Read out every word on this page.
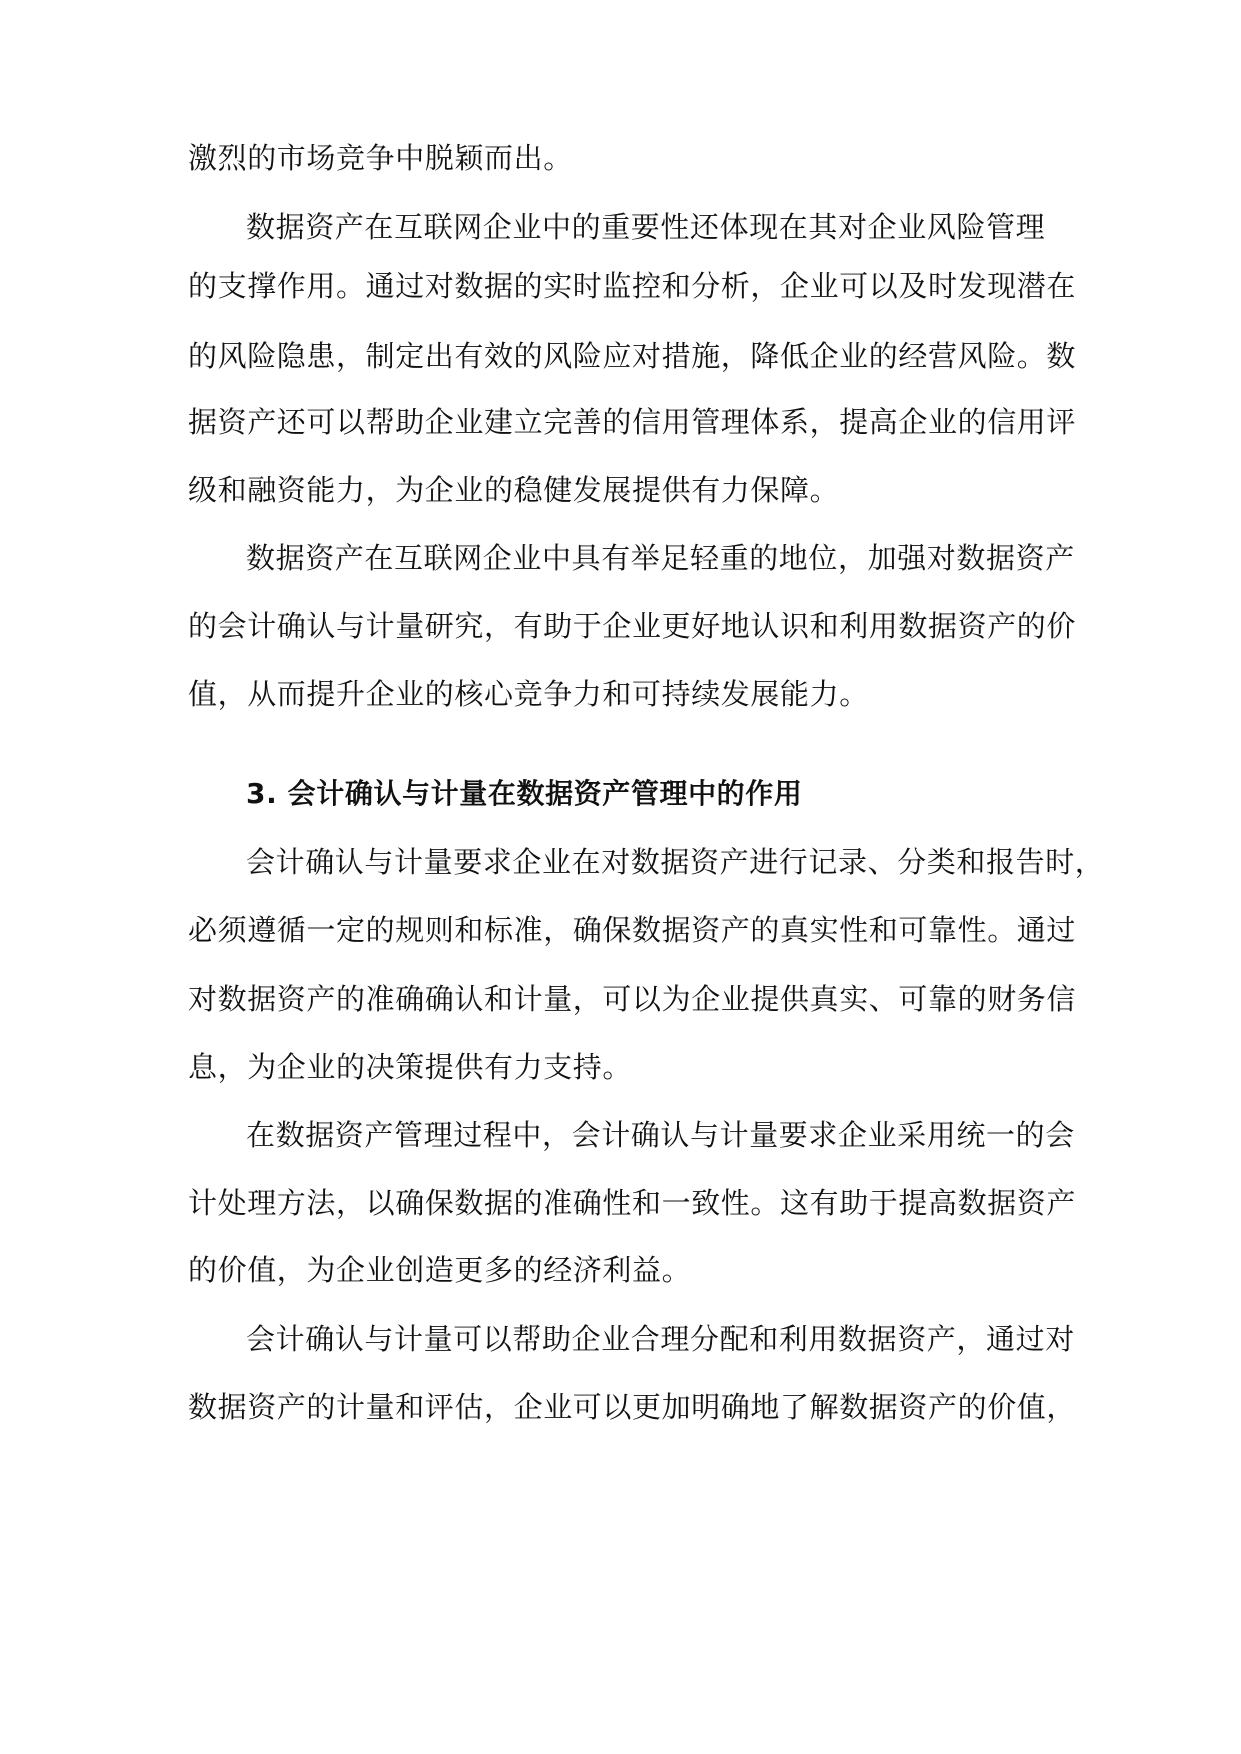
激烈的市场竞争中脱颖而出。
数据资产在互联网企业中的重要性还体现在其对企业风险管理
的支撑作用。通过对数据的实时监控和分析，企业可以及时发现潜在
的风险隐患，制定出有效的风险应对措施，降低企业的经营风险。数
据资产还可以帮助企业建立完善的信用管理体系，提高企业的信用评
级和融资能力，为企业的稳健发展提供有力保障。
数据资产在互联网企业中具有举足轻重的地位，加强对数据资产
的会计确认与计量研究，有助于企业更好地认识和利用数据资产的价
值，从而提升企业的核心竞争力和可持续发展能力。
3. 会计确认与计量在数据资产管理中的作用
会计确认与计量要求企业在对数据资产进行记录、分类和报告时，
必须遵循一定的规则和标准，确保数据资产的真实性和可靠性。通过
对数据资产的准确确认和计量，可以为企业提供真实、可靠的财务信
息，为企业的决策提供有力支持。
在数据资产管理过程中，会计确认与计量要求企业采用统一的会
计处理方法，以确保数据的准确性和一致性。这有助于提高数据资产
的价值，为企业创造更多的经济利益。
会计确认与计量可以帮助企业合理分配和利用数据资产，通过对
数据资产的计量和评估，企业可以更加明确地了解数据资产的价值，
